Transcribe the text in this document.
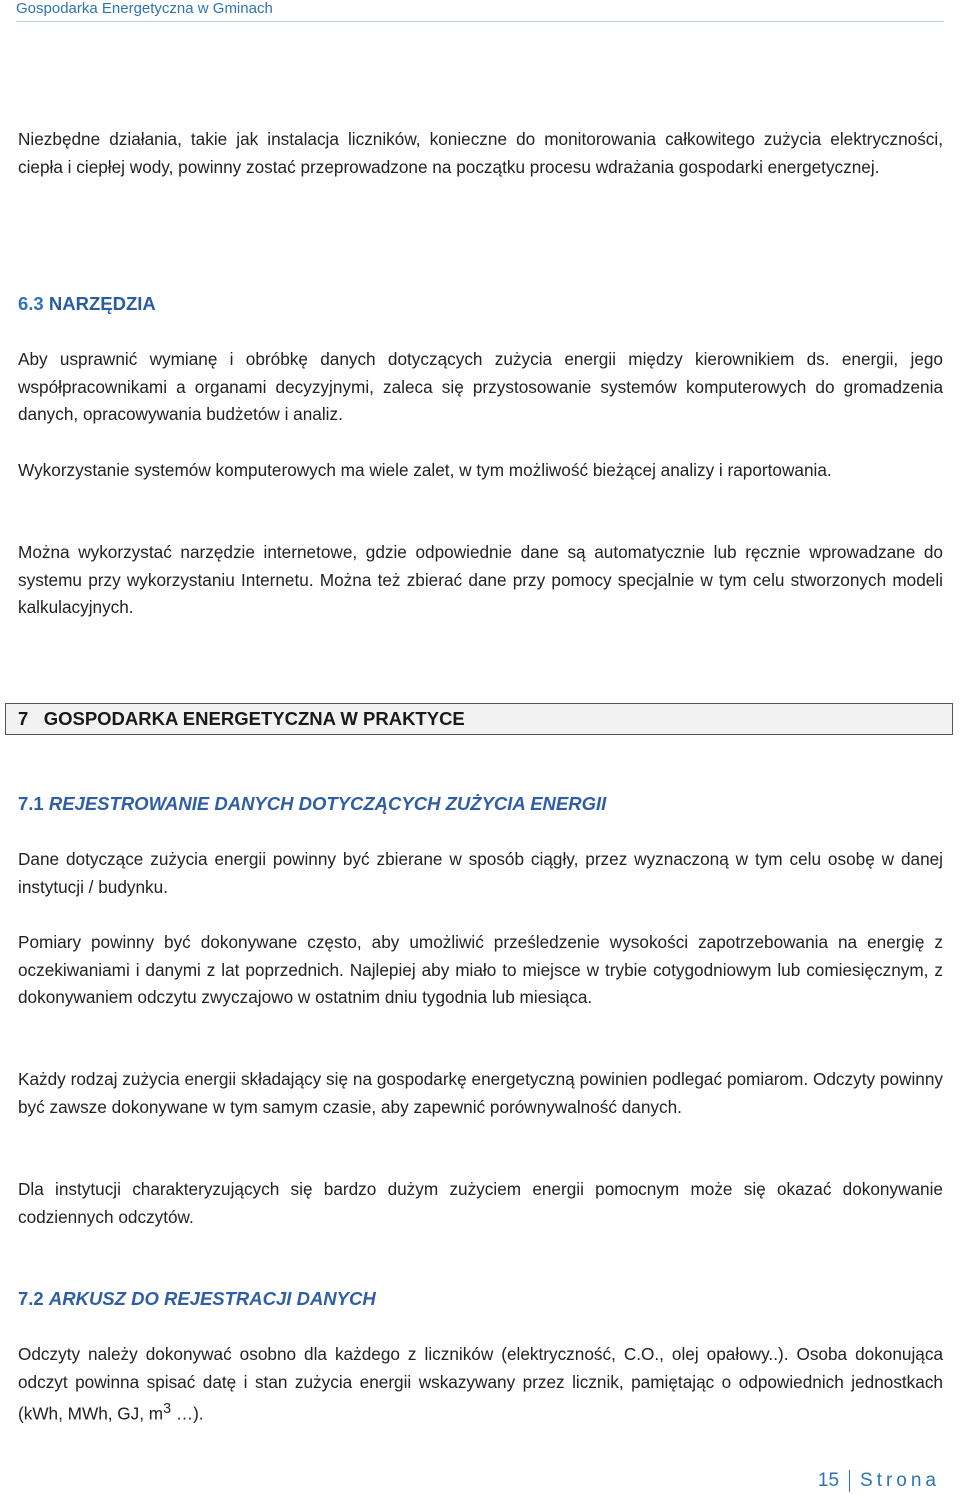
Gospodarka Energetyczna w Gminach

Niezbędne działania, takie jak instalacja liczników, konieczne do monitorowania całkowitego zużycia elektryczności, ciepła i ciepłej wody, powinny zostać przeprowadzone na początku procesu wdrażania gospodarki energetycznej.

6.3 NARZĘDZIA

Aby usprawnić wymianę i obróbkę danych dotyczących zużycia energii między kierownikiem ds. energii, jego współpracownikami a organami decyzyjnymi, zaleca się przystosowanie systemów komputerowych do gromadzenia danych, opracowywania budżetów i analiz.

Wykorzystanie systemów komputerowych ma wiele zalet, w tym możliwość bieżącej analizy i raportowania.

Można wykorzystać narzędzie internetowe, gdzie odpowiednie dane są automatycznie lub ręcznie wprowadzane do systemu przy wykorzystaniu Internetu. Można też zbierać dane przy pomocy specjalnie w tym celu stworzonych modeli kalkulacyjnych.

7   GOSPODARKA ENERGETYCZNA W PRAKTYCE
7.1 REJESTROWANIE DANYCH DOTYCZĄCYCH ZUŻYCIA ENERGII

Dane dotyczące zużycia energii powinny być zbierane w sposób ciągły, przez wyznaczoną w tym celu osobę w danej instytucji / budynku.

Pomiary powinny być dokonywane często, aby umożliwić prześledzenie wysokości zapotrzebowania na energię z oczekiwaniami i danymi z lat poprzednich. Najlepiej aby miało to miejsce w trybie cotygodniowym lub comiesięcznym, z dokonywaniem odczytu zwyczajowo w ostatnim dniu tygodnia lub miesiąca.

Każdy rodzaj zużycia energii składający się na gospodarkę energetyczną powinien podlegać pomiarom. Odczyty powinny być zawsze dokonywane w tym samym czasie, aby zapewnić porównywalność danych.

Dla instytucji charakteryzujących się bardzo dużym zużyciem energii pomocnym może się okazać dokonywanie codziennych odczytów.

7.2 ARKUSZ DO REJESTRACJI DANYCH

Odczyty należy dokonywać osobno dla każdego z liczników (elektryczność, C.O., olej opałowy..). Osoba dokonująca odczyt powinna spisać datę i stan zużycia energii wskazywany przez licznik, pamiętając o odpowiednich jednostkach (kWh, MWh, GJ, $m^3$ …).

15 Strona
